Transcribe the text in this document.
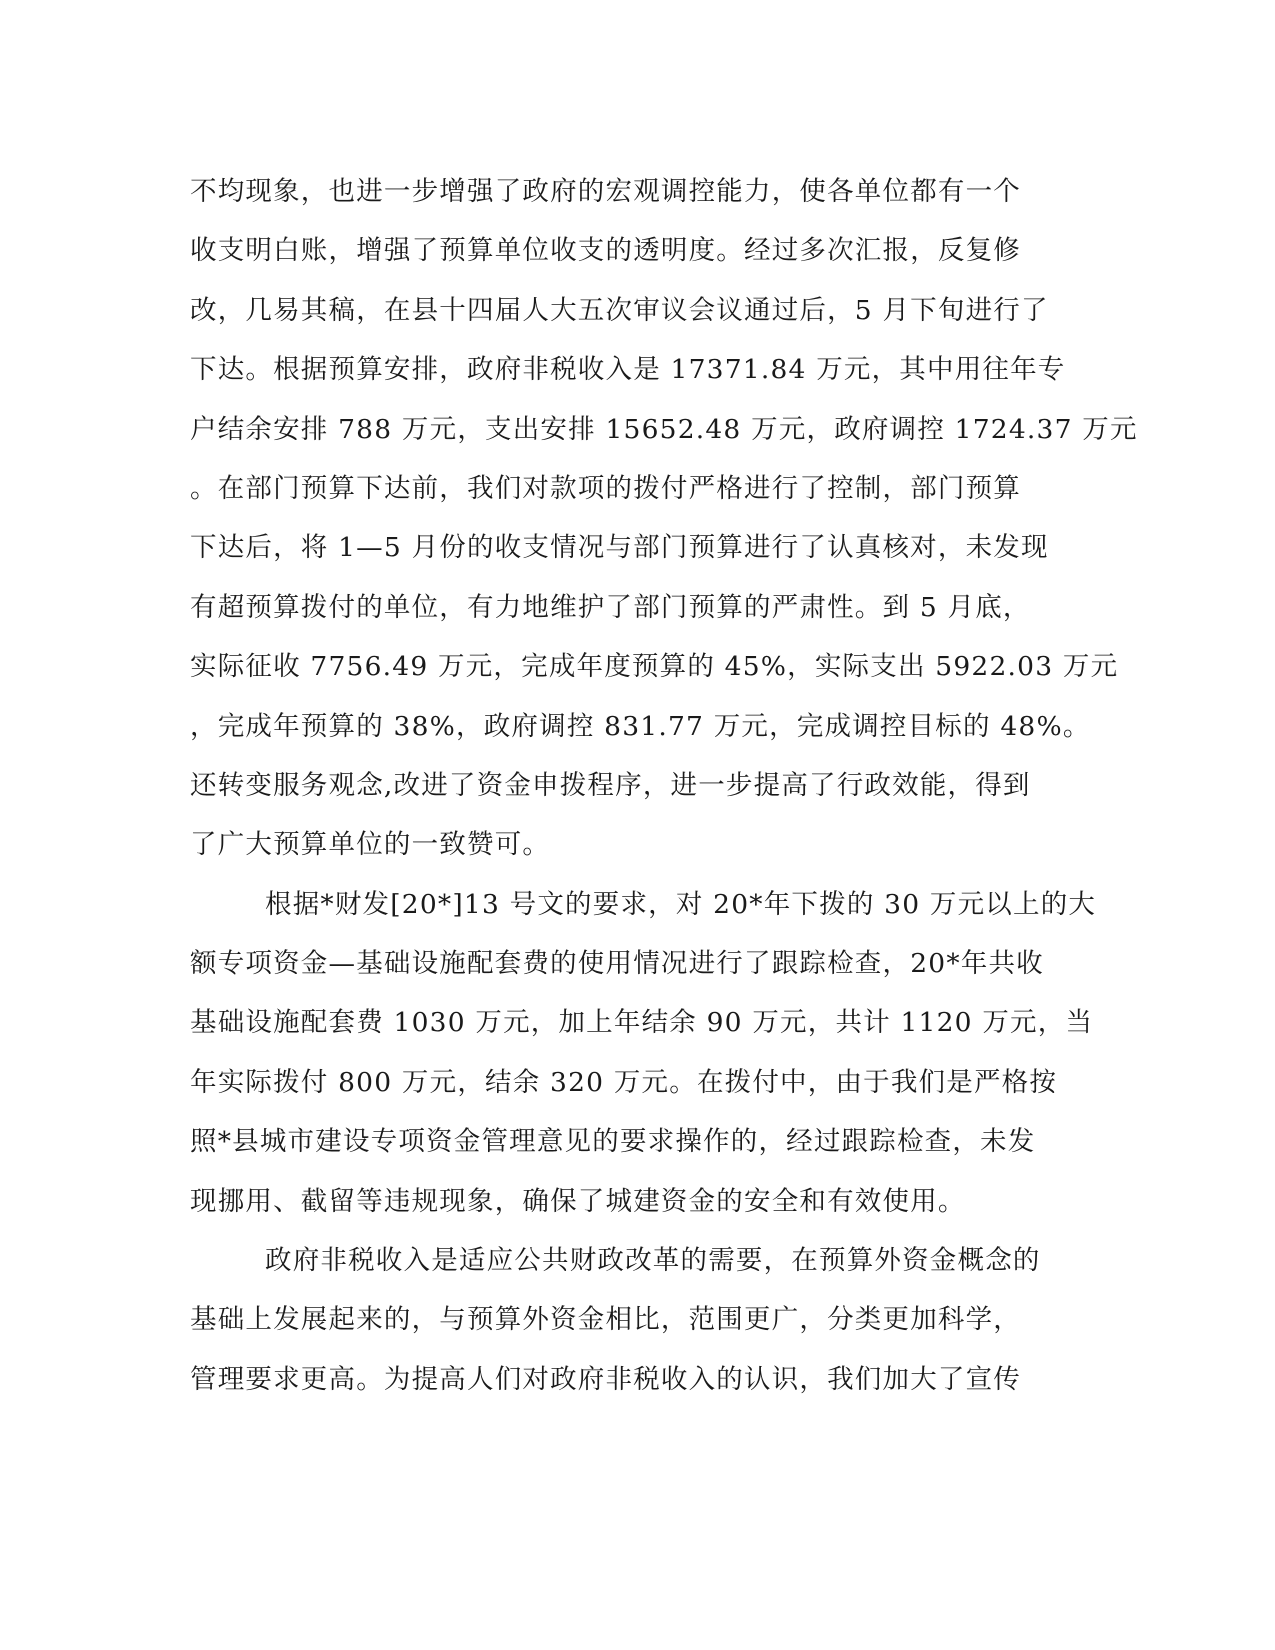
不均现象，也进一步增强了政府的宏观调控能力，使各单位都有一个
收支明白账，增强了预算单位收支的透明度。经过多次汇报，反复修
改，几易其稿，在县十四届人大五次审议会议通过后，5 月下旬进行了
下达。根据预算安排，政府非税收入是 17371.84 万元，其中用往年专
户结余安排 788 万元，支出安排 15652.48 万元，政府调控 1724.37 万元
。在部门预算下达前，我们对款项的拨付严格进行了控制，部门预算
下达后，将 1—5 月份的收支情况与部门预算进行了认真核对，未发现
有超预算拨付的单位，有力地维护了部门预算的严肃性。到 5 月底，
实际征收 7756.49 万元，完成年度预算的 45%，实际支出 5922.03 万元
，完成年预算的 38%，政府调控 831.77 万元，完成调控目标的 48%。
还转变服务观念,改进了资金申拨程序，进一步提高了行政效能，得到
了广大预算单位的一致赞可。
根据*财发[20*]13 号文的要求，对 20*年下拨的 30 万元以上的大
额专项资金—基础设施配套费的使用情况进行了跟踪检查，20*年共收
基础设施配套费 1030 万元，加上年结余 90 万元，共计 1120 万元，当
年实际拨付 800 万元，结余 320 万元。在拨付中，由于我们是严格按
照*县城市建设专项资金管理意见的要求操作的，经过跟踪检查，未发
现挪用、截留等违规现象，确保了城建资金的安全和有效使用。
政府非税收入是适应公共财政改革的需要，在预算外资金概念的
基础上发展起来的，与预算外资金相比，范围更广，分类更加科学，
管理要求更高。为提高人们对政府非税收入的认识，我们加大了宣传
